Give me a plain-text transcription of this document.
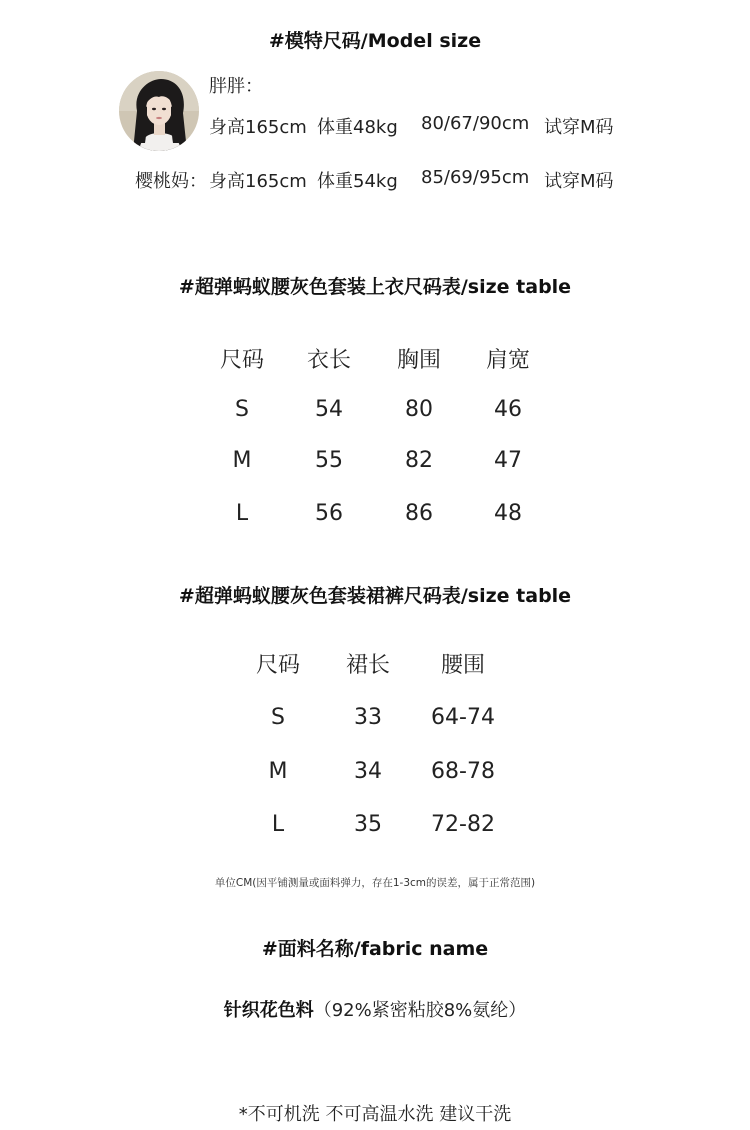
#模特尺码/Model size
胖胖：
身高165cm 体重48kg 80/67/90cm 试穿M码
樱桃妈： 身高165cm 体重54kg 85/69/95cm 试穿M码
#超弹蚂蚁腰灰色套装上衣尺码表/size table
尺码 衣长 胸围 肩宽
S	54	80	46
M	55	82	47
L	56	86	48
#超弹蚂蚁腰灰色套装裙裤尺码表/size table
尺码 裙长 腰围
S	33 64-74
M	34 68-78
L	35 72-82
单位CM(因平铺测量或面料弹力，存在1-3cm的误差，属于正常范围)
#面料名称/fabric name
针织花色料（92%紧密粘胶8%氨纶）
*不可机洗 不可高温水洗 建议干洗
